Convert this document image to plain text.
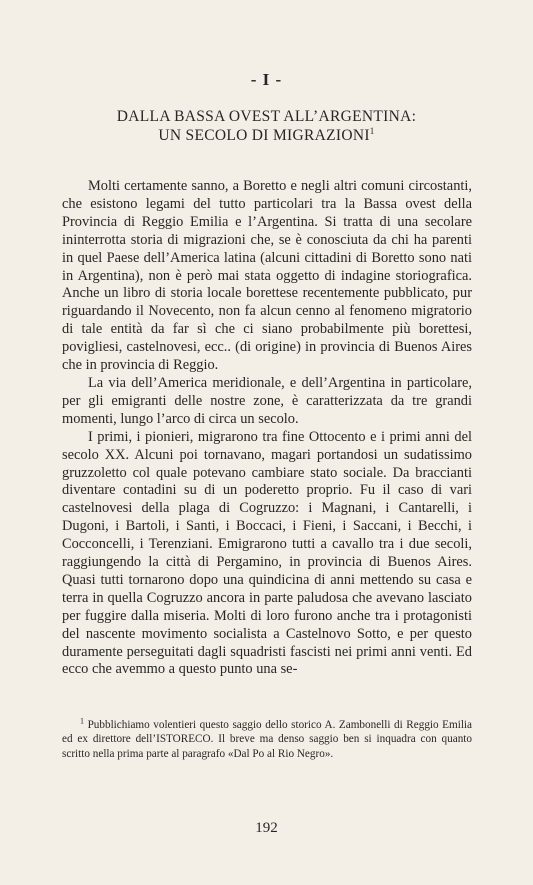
- I -
DALLA BASSA OVEST ALL’ARGENTINA:
UN SECOLO DI MIGRAZIONI$^1$

Molti certamente sanno, a Boretto e negli altri comuni circostanti, che esistono legami del tutto particolari tra la Bassa ovest della Provincia di Reggio Emilia e l’Argentina. Si tratta di una secolare ininterrotta storia di migrazioni che, se è conosciuta da chi ha parenti in quel Paese dell’America latina (alcuni cittadini di Boretto sono nati in Argentina), non è però mai stata oggetto di indagine storiografica. Anche un libro di storia locale borettese recentemente pubblicato, pur riguardando il Novecento, non fa alcun cenno al fenomeno migratorio di tale entità da far sì che ci siano probabilmente più borettesi, povigliesi, castelnovesi, ecc.. (di origine) in provincia di Buenos Aires che in provincia di Reggio.

La via dell’America meridionale, e dell’Argentina in particolare, per gli emigranti delle nostre zone, è caratterizzata da tre grandi momenti, lungo l’arco di circa un secolo.

I primi, i pionieri, migrarono tra fine Ottocento e i primi anni del secolo XX. Alcuni poi tornavano, magari portandosi un sudatissimo gruzzoletto col quale potevano cambiare stato sociale. Da braccianti diventare contadini su di un poderetto proprio. Fu il caso di vari castelnovesi della plaga di Cogruzzo: i Magnani, i Cantarelli, i Dugoni, i Bartoli, i Santi, i Boccaci, i Fieni, i Saccani, i Becchi, i Cocconcelli, i Terenziani. Emigrarono tutti a cavallo tra i due secoli, raggiungendo la città di Pergamino, in provincia di Buenos Aires. Quasi tutti tornarono dopo una quindicina di anni mettendo su casa e terra in quella Cogruzzo ancora in parte paludosa che avevano lasciato per fuggire dalla miseria. Molti di loro furono anche tra i protagonisti del nascente movimento socialista a Castelnovo Sotto, e per questo duramente perseguitati dagli squadristi fascisti nei primi anni venti. Ed ecco che avemmo a questo punto una se-

$^1$ Pubblichiamo volentieri questo saggio dello storico A. Zambonelli di Reggio Emilia ed ex direttore dell’ISTORECO. Il breve ma denso saggio ben si inquadra con quanto scritto nella prima parte al paragrafo «Dal Po al Rio Negro».

192
